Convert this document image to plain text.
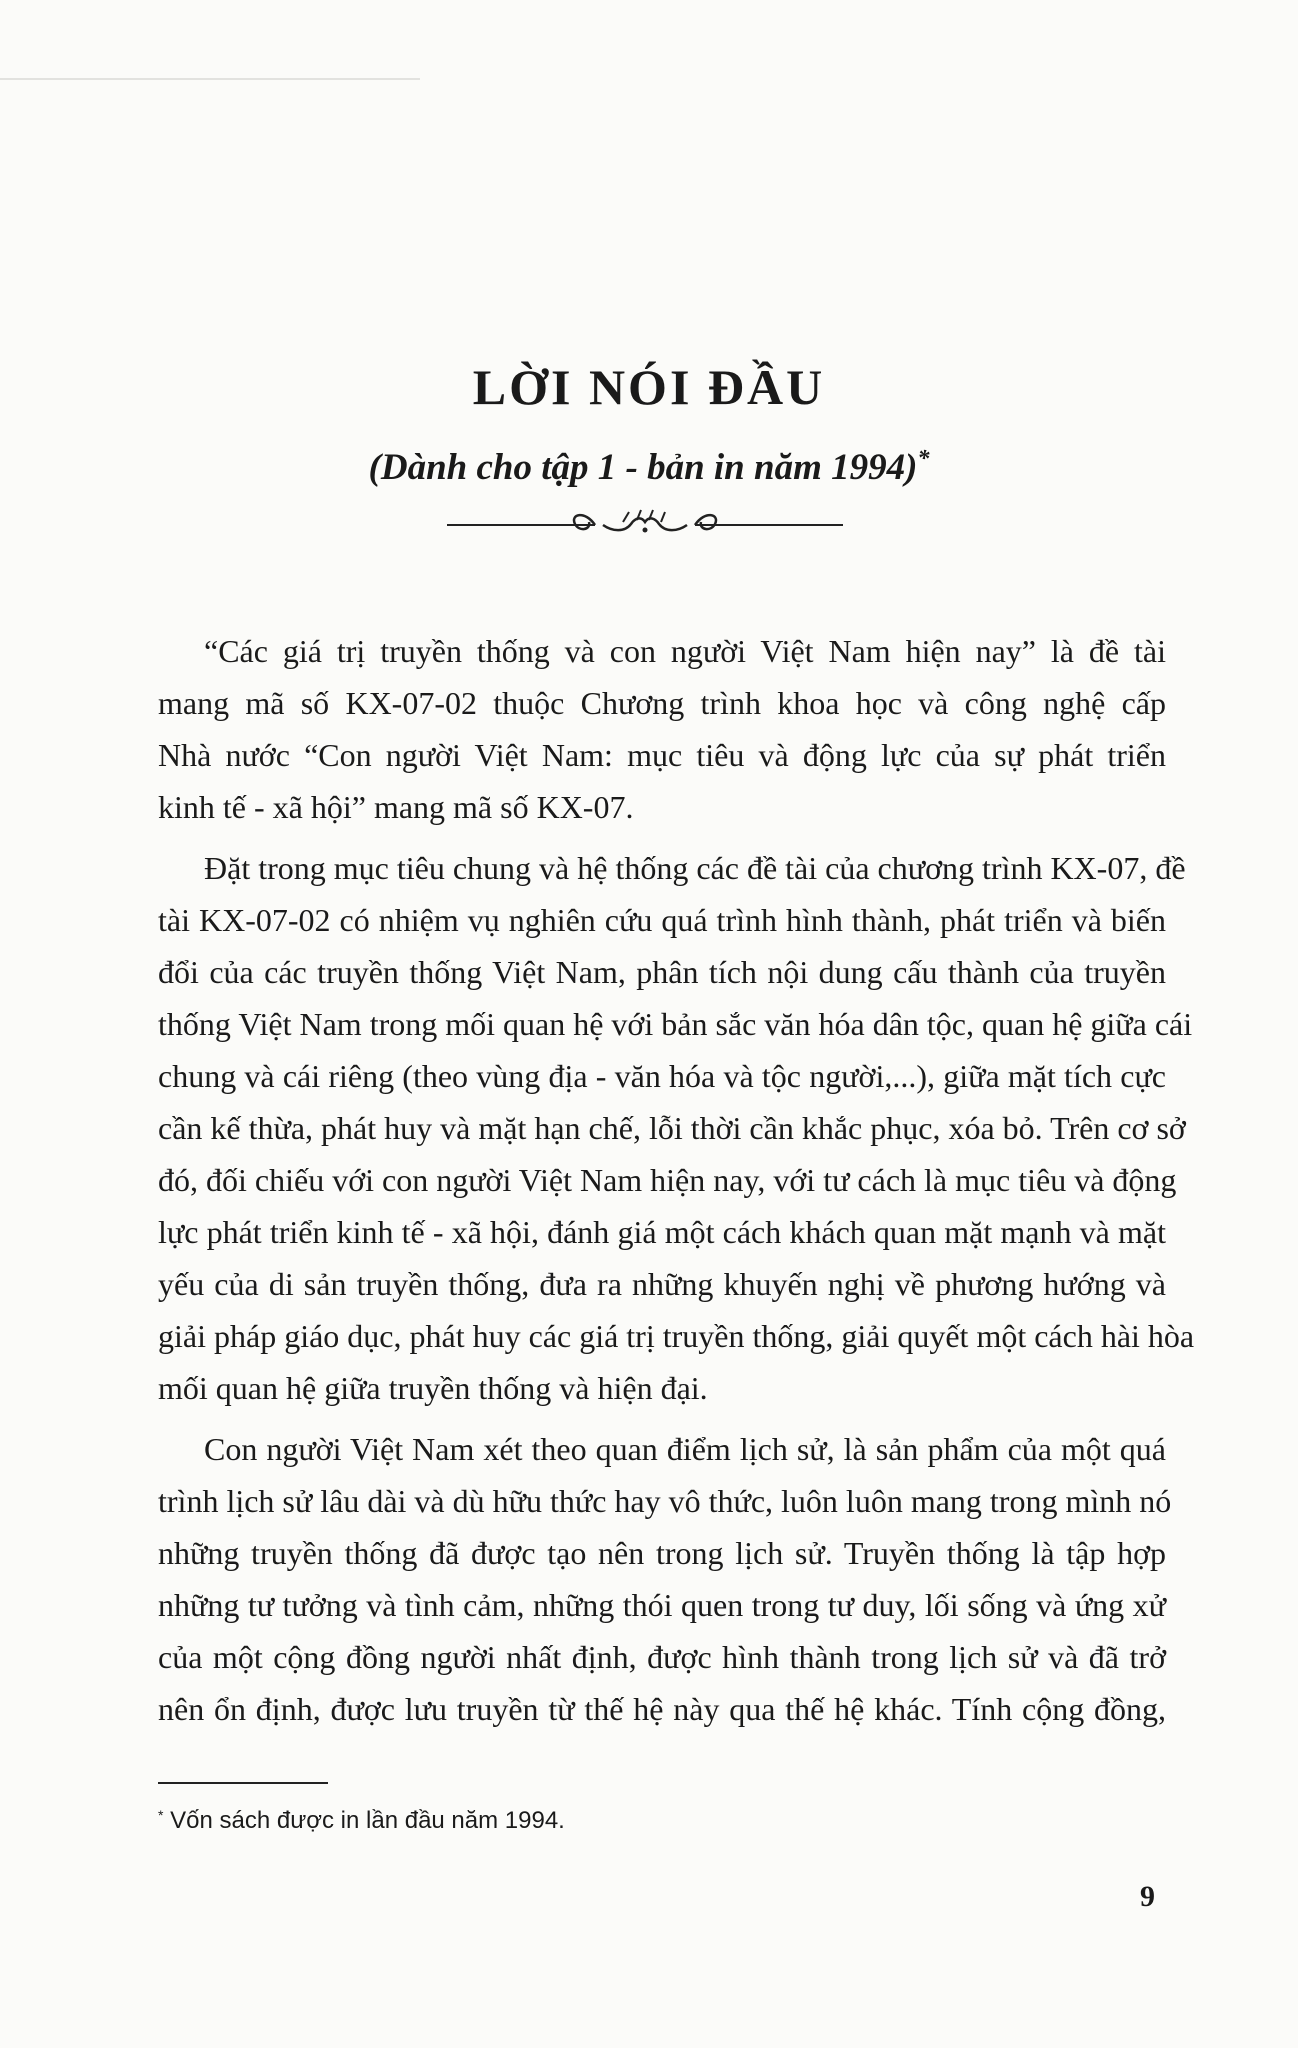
LỜI NÓI ĐẦU
(Dành cho tập 1 - bản in năm 1994)*

“Các giá trị truyền thống và con người Việt Nam hiện nay” là đề tài
mang mã số KX-07-02 thuộc Chương trình khoa học và công nghệ cấp
Nhà nước “Con người Việt Nam: mục tiêu và động lực của sự phát triển
kinh tế - xã hội” mang mã số KX-07.

Đặt trong mục tiêu chung và hệ thống các đề tài của chương trình KX-07, đề
tài KX-07-02 có nhiệm vụ nghiên cứu quá trình hình thành, phát triển và biến
đổi của các truyền thống Việt Nam, phân tích nội dung cấu thành của truyền
thống Việt Nam trong mối quan hệ với bản sắc văn hóa dân tộc, quan hệ giữa cái
chung và cái riêng (theo vùng địa - văn hóa và tộc người,...), giữa mặt tích cực
cần kế thừa, phát huy và mặt hạn chế, lỗi thời cần khắc phục, xóa bỏ. Trên cơ sở
đó, đối chiếu với con người Việt Nam hiện nay, với tư cách là mục tiêu và động
lực phát triển kinh tế - xã hội, đánh giá một cách khách quan mặt mạnh và mặt
yếu của di sản truyền thống, đưa ra những khuyến nghị về phương hướng và
giải pháp giáo dục, phát huy các giá trị truyền thống, giải quyết một cách hài hòa
mối quan hệ giữa truyền thống và hiện đại.

Con người Việt Nam xét theo quan điểm lịch sử, là sản phẩm của một quá
trình lịch sử lâu dài và dù hữu thức hay vô thức, luôn luôn mang trong mình nó
những truyền thống đã được tạo nên trong lịch sử. Truyền thống là tập hợp
những tư tưởng và tình cảm, những thói quen trong tư duy, lối sống và ứng xử
của một cộng đồng người nhất định, được hình thành trong lịch sử và đã trở
nên ổn định, được lưu truyền từ thế hệ này qua thế hệ khác. Tính cộng đồng,

* Vốn sách được in lần đầu năm 1994.
9
